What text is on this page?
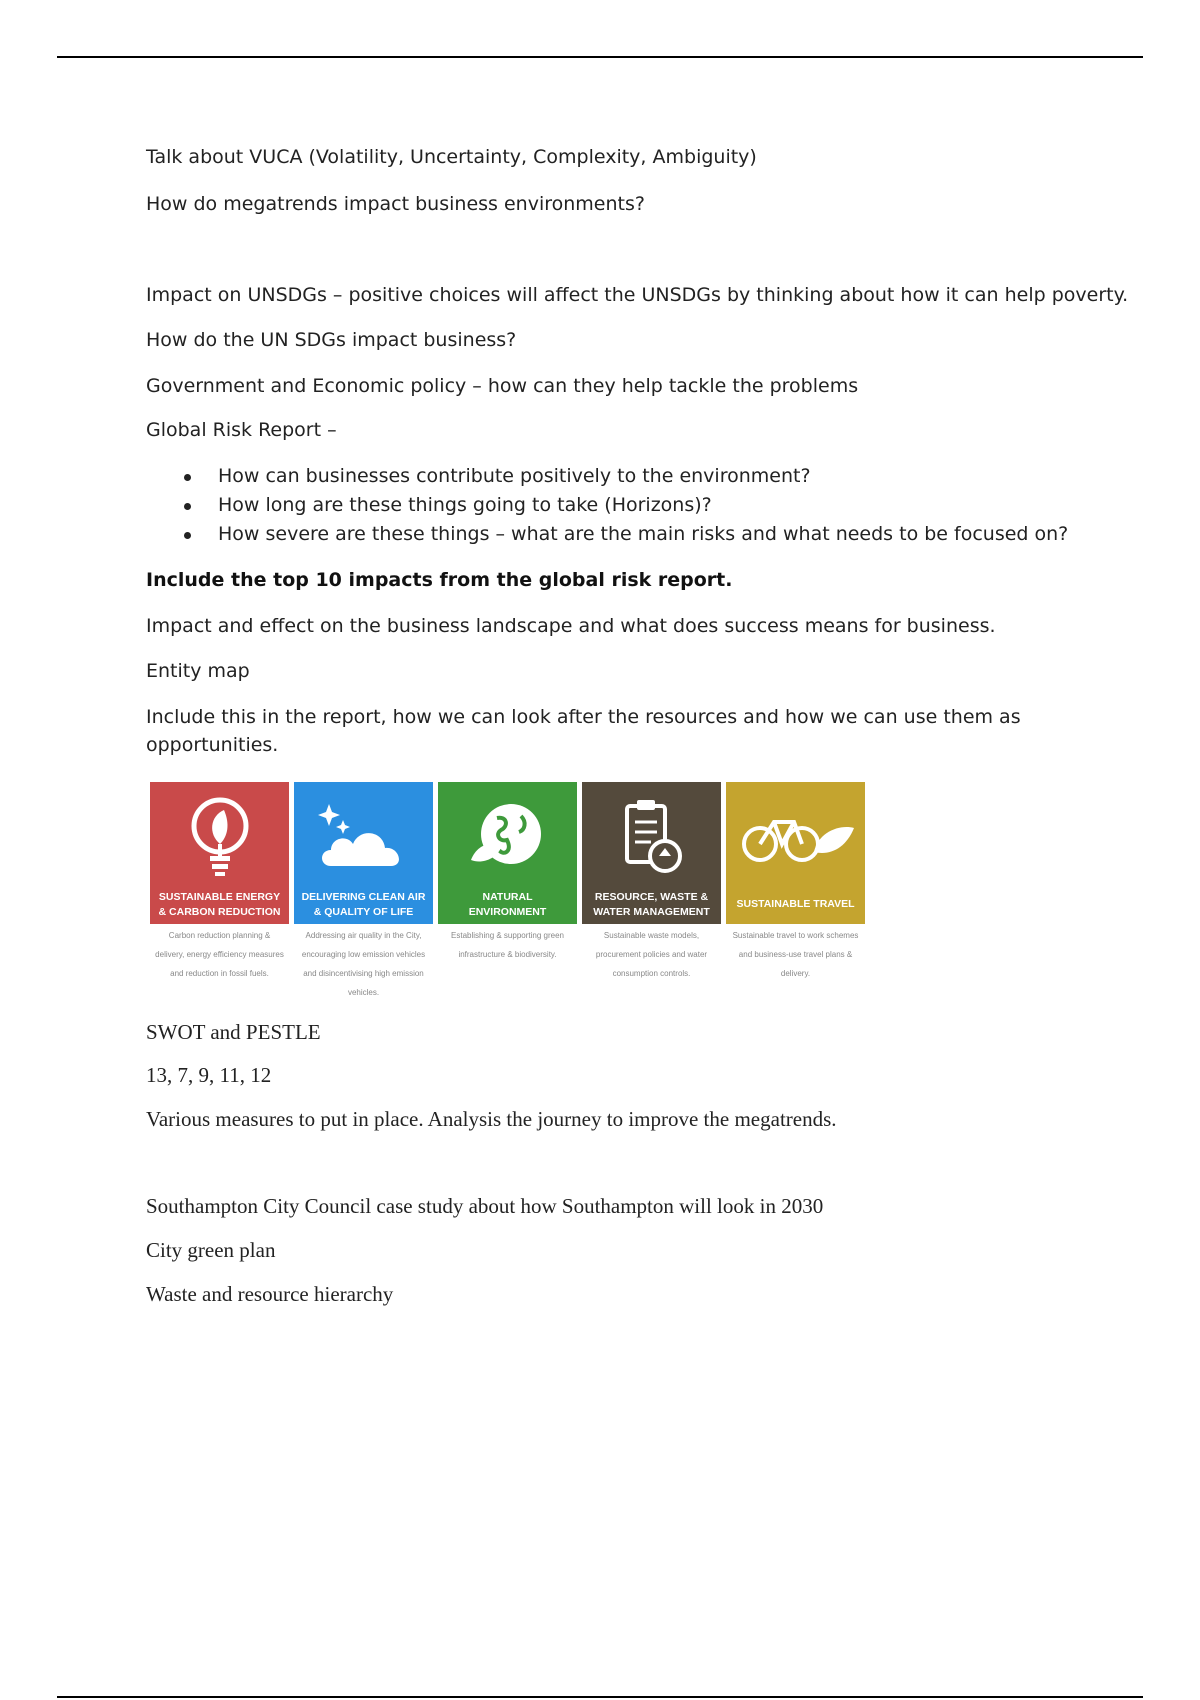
Talk about VUCA (Volatility, Uncertainty, Complexity, Ambiguity)
How do megatrends impact business environments?
Impact on UNSDGs – positive choices will affect the UNSDGs by thinking about how it can help poverty.
How do the UN SDGs impact business?
Government and Economic policy – how can they help tackle the problems
Global Risk Report –
How can businesses contribute positively to the environment?
How long are these things going to take (Horizons)?
How severe are these things – what are the main risks and what needs to be focused on?
Include the top 10 impacts from the global risk report.
Impact and effect on the business landscape and what does success means for business.
Entity map
Include this in the report, how we can look after the resources and how we can use them as opportunities.
SUSTAINABLE ENERGY
& CARBON REDUCTION
Carbon reduction planning &
delivery, energy efficiency measures
and reduction in fossil fuels.
DELIVERING CLEAN AIR
& QUALITY OF LIFE
Addressing air quality in the City,
encouraging low emission vehicles
and disincentivising high emission
vehicles.
NATURAL
ENVIRONMENT
Establishing & supporting green
infrastructure & biodiversity.
RESOURCE, WASTE &
WATER MANAGEMENT
Sustainable waste models,
procurement policies and water
consumption controls.
SUSTAINABLE TRAVEL
Sustainable travel to work schemes
and business-use travel plans &
delivery.
SWOT and PESTLE
13, 7, 9, 11, 12
Various measures to put in place. Analysis the journey to improve the megatrends.
Southampton City Council case study about how Southampton will look in 2030
City green plan
Waste and resource hierarchy
